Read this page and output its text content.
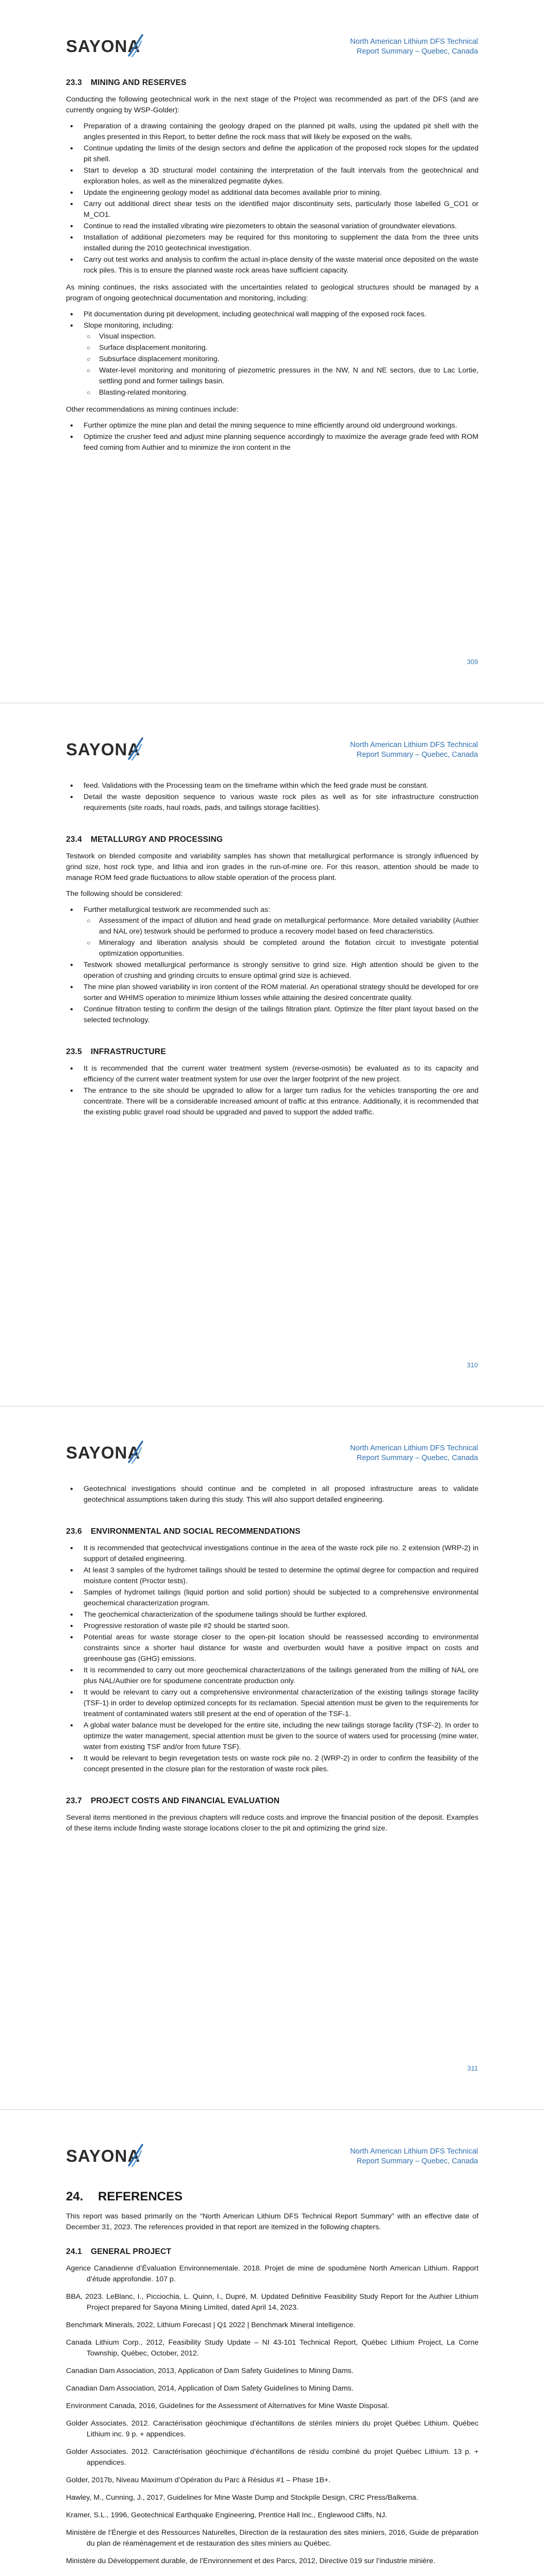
SAYONA	North American Lithium DFS Technical
Report Summary – Quebec, Canada
23.3 MINING AND RESERVES

Conducting the following geotechnical work in the next stage of the Project was recommended as part of the DFS (and are currently ongoing by WSP-Golder):

• Preparation of a drawing containing the geology draped on the planned pit walls, using the updated pit shell with the angles presented in this Report, to better define the rock mass that will likely be exposed on the walls.
• Continue updating the limits of the design sectors and define the application of the proposed rock slopes for the updated pit shell.
• Start to develop a 3D structural model containing the interpretation of the fault intervals from the geotechnical and exploration holes, as well as the mineralized pegmatite dykes.
• Update the engineering geology model as additional data becomes available prior to mining.
• Carry out additional direct shear tests on the identified major discontinuity sets, particularly those labelled G_CO1 or M_CO1.
• Continue to read the installed vibrating wire piezometers to obtain the seasonal variation of groundwater elevations.
• Installation of additional piezometers may be required for this monitoring to supplement the data from the three units installed during the 2010 geotechnical investigation.
• Carry out test works and analysis to confirm the actual in-place density of the waste material once deposited on the waste rock piles. This is to ensure the planned waste rock areas have sufficient capacity.

As mining continues, the risks associated with the uncertainties related to geological structures should be managed by a program of ongoing geotechnical documentation and monitoring, including:

• Pit documentation during pit development, including geotechnical wall mapping of the exposed rock faces.
• Slope monitoring, including:
○ Visual inspection.
○ Surface displacement monitoring.
○ Subsurface displacement monitoring.
○ Water-level monitoring and monitoring of piezometric pressures in the NW, N and NE sectors, due to Lac Lortie, settling pond and former tailings basin.
○ Blasting-related monitoring.

Other recommendations as mining continues include:

• Further optimize the mine plan and detail the mining sequence to mine efficiently around old underground workings.
• Optimize the crusher feed and adjust mine planning sequence accordingly to maximize the average grade feed with ROM feed coming from Authier and to minimize the iron content in the
309
SAYONA	North American Lithium DFS Technical
Report Summary – Quebec, Canada
• feed. Validations with the Processing team on the timeframe within which the feed grade must be constant.
• Detail the waste deposition sequence to various waste rock piles as well as for site infrastructure construction requirements (site roads, haul roads, pads, and tailings storage facilities).
23.4 METALLURGY AND PROCESSING

Testwork on blended composite and variability samples has shown that metallurgical performance is strongly influenced by grind size, host rock type, and lithia and iron grades in the run-of-mine ore. For this reason, attention should be made to manage ROM feed grade fluctuations to allow stable operation of the process plant.

The following should be considered:

• Further metallurgical testwork are recommended such as:
○ Assessment of the impact of dilution and head grade on metallurgical performance. More detailed variability (Authier and NAL ore) testwork should be performed to produce a recovery model based on feed characteristics.
○ Mineralogy and liberation analysis should be completed around the flotation circuit to investigate potential optimization opportunities.
• Testwork showed metallurgical performance is strongly sensitive to grind size. High attention should be given to the operation of crushing and grinding circuits to ensure optimal grind size is achieved.
• The mine plan showed variability in iron content of the ROM material. An operational strategy should be developed for ore sorter and WHIMS operation to minimize lithium losses while attaining the desired concentrate quality.
• Continue filtration testing to confirm the design of the tailings filtration plant. Optimize the filter plant layout based on the selected technology.
23.5 INFRASTRUCTURE
• It is recommended that the current water treatment system (reverse-osmosis) be evaluated as to its capacity and efficiency of the current water treatment system for use over the larger footprint of the new project.
• The entrance to the site should be upgraded to allow for a larger turn radius for the vehicles transporting the ore and concentrate. There will be a considerable increased amount of traffic at this entrance. Additionally, it is recommended that the existing public gravel road should be upgraded and paved to support the added traffic.
310
SAYONA	North American Lithium DFS Technical
Report Summary – Quebec, Canada
• Geotechnical investigations should continue and be completed in all proposed infrastructure areas to validate geotechnical assumptions taken during this study. This will also support detailed engineering.
23.6 ENVIRONMENTAL AND SOCIAL RECOMMENDATIONS
• It is recommended that geotechnical investigations continue in the area of the waste rock pile no. 2 extension (WRP-2) in support of detailed engineering.
• At least 3 samples of the hydromet tailings should be tested to determine the optimal degree for compaction and required moisture content (Proctor tests).
• Samples of hydromet tailings (liquid portion and solid portion) should be subjected to a comprehensive environmental geochemical characterization program.
• The geochemical characterization of the spodumene tailings should be further explored.
• Progressive restoration of waste pile #2 should be started soon.
• Potential areas for waste storage closer to the open-pit location should be reassessed according to environmental constraints since a shorter haul distance for waste and overburden would have a positive impact on costs and greenhouse gas (GHG) emissions.
• It is recommended to carry out more geochemical characterizations of the tailings generated from the milling of NAL ore plus NAL/Authier ore for spodumene concentrate production only.
• It would be relevant to carry out a comprehensive environmental characterization of the existing tailings storage facility (TSF-1) in order to develop optimized concepts for its reclamation. Special attention must be given to the requirements for treatment of contaminated waters still present at the end of operation of the TSF-1.
• A global water balance must be developed for the entire site, including the new tailings storage facility (TSF-2). In order to optimize the water management, special attention must be given to the source of waters used for processing (mine water, water from existing TSF and/or from future TSF).
• It would be relevant to begin revegetation tests on waste rock pile no. 2 (WRP-2) in order to confirm the feasibility of the concept presented in the closure plan for the restoration of waste rock piles.
23.7 PROJECT COSTS AND FINANCIAL EVALUATION

Several items mentioned in the previous chapters will reduce costs and improve the financial position of the deposit. Examples of these items include finding waste storage locations closer to the pit and optimizing the grind size.

311
SAYONA	North American Lithium DFS Technical
Report Summary – Quebec, Canada
24. REFERENCES

This report was based primarily on the “North American Lithium DFS Technical Report Summary” with an effective date of December 31, 2023. The references provided in that report are itemized in the following chapters.

24.1 GENERAL PROJECT

Agence Canadienne d’Évaluation Environnementale. 2018. Projet de mine de spodumène North American Lithium. Rapport d’étude approfondie. 107 p.

BBA, 2023. LeBlanc, I., Picciochia, L. Quinn, I., Dupré, M. Updated Definitive Feasibility Study Report for the Authier Lithium Project prepared for Sayona Mining Limited, dated April 14, 2023.

Benchmark Minerals, 2022, Lithium Forecast | Q1 2022 | Benchmark Mineral Intelligence.

Canada Lithium Corp., 2012, Feasibility Study Update – NI 43-101 Technical Report, Québec Lithium Project, La Corne Township, Québec, October, 2012.

Canadian Dam Association, 2013, Application of Dam Safety Guidelines to Mining Dams.

Canadian Dam Association, 2014, Application of Dam Safety Guidelines to Mining Dams.

Environment Canada, 2016, Guidelines for the Assessment of Alternatives for Mine Waste Disposal.

Golder Associates. 2012. Caractérisation géochimique d’échantillons de stériles miniers du projet Québec Lithium. Québec Lithium inc. 9 p. + appendices.

Golder Associates. 2012. Caractérisation géochimique d’échantillons de résidu combiné du projet Québec Lithium. 13 p. + appendices.

Golder, 2017b, Niveau Maximum d’Opération du Parc à Résidus #1 – Phase 1B+.

Hawley, M., Cunning, J., 2017, Guidelines for Mine Waste Dump and Stockpile Design, CRC Press/Balkema.

Kramer, S.L., 1996, Geotechnical Earthquake Engineering, Prentice Hall Inc., Englewood Cliffs, NJ.

Ministère de l’Énergie et des Ressources Naturelles, Direction de la restauration des sites miniers, 2016, Guide de préparation du plan de réaménagement et de restauration des sites miniers au Québec.

Ministère du Développement durable, de l’Environnement et des Parcs, 2012, Directive 019 sur l’industrie minière.
